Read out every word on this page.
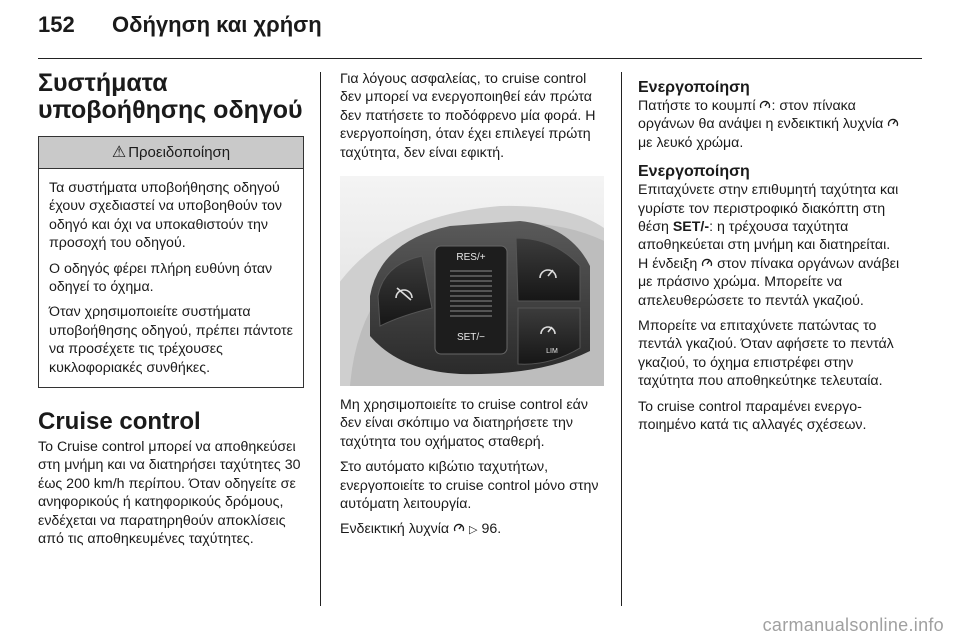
152	Οδήγηση και χρήση
Συστήματα
υποβοήθησης οδηγού
⚠ Προειδοποίηση

Τα συστήματα υποβοήθησης οδηγού έχουν σχεδιαστεί να υποβοηθούν τον οδηγό και όχι να υποκαθιστούν την προσοχή του οδηγού.

Ο οδηγός φέρει πλήρη ευθύνη όταν οδηγεί το όχημα.

Όταν χρησιμοποιείτε συστήματα υποβοήθησης οδηγού, πρέπει πάντοτε να προσέχετε τις τρέχουσες κυκλοφοριακές συνθήκες.

Cruise control

Το Cruise control μπορεί να αποθηκεύσει στη μνήμη και να διατηρήσει ταχύτητες 30 έως 200 km/h περίπου. Όταν οδηγείτε σε ανηφορικούς ή κατηφορικούς δρόμους, ενδέχεται να παρατηρηθούν αποκλίσεις από τις αποθηκευμένες ταχύτητες.

Για λόγους ασφαλείας, το cruise control δεν μπορεί να ενεργοποιηθεί εάν πρώτα δεν πατήσετε το ποδόφρενο μία φορά. Η ενεργοποίηση, όταν έχει επιλεγεί πρώτη ταχύτητα, δεν είναι εφικτή.

RES/+
SET/−
LIM

Μη χρησιμοποιείτε το cruise control εάν δεν είναι σκόπιμο να διατηρήσετε την ταχύτητα του οχήματος σταθερή.

Στο αυτόματο κιβώτιο ταχυτήτων, ενεργοποιείτε το cruise control μόνο στην αυτόματη λειτουργία.

Ενδεικτική λυχνία ▷ 96.

Ενεργοποίηση

Πατήστε το κουμπί : στον πίνακα οργάνων θα ανάψει η ενδεικτική λυχνία
με λευκό χρώμα.

Ενεργοποίηση

Επιταχύνετε στην επιθυμητή ταχύτητα και γυρίστε τον περιστροφικό διακόπτη στη θέση SET/-: η τρέχουσα ταχύτητα αποθηκεύεται στη μνήμη και διατηρείται. Η ένδειξη στον πίνακα οργάνων ανάβει με πράσινο χρώμα. Μπορείτε να απελευθερώσετε το πεντάλ γκαζιού.

Μπορείτε να επιταχύνετε πατώντας το πεντάλ γκαζιού. Όταν αφήσετε το πεντάλ γκαζιού, το όχημα επιστρέφει στην ταχύτητα που αποθηκεύτηκε τελευταία.

Το cruise control παραμένει ενεργοποιημένο κατά τις αλλαγές σχέσεων.

carmanualsonline.info
